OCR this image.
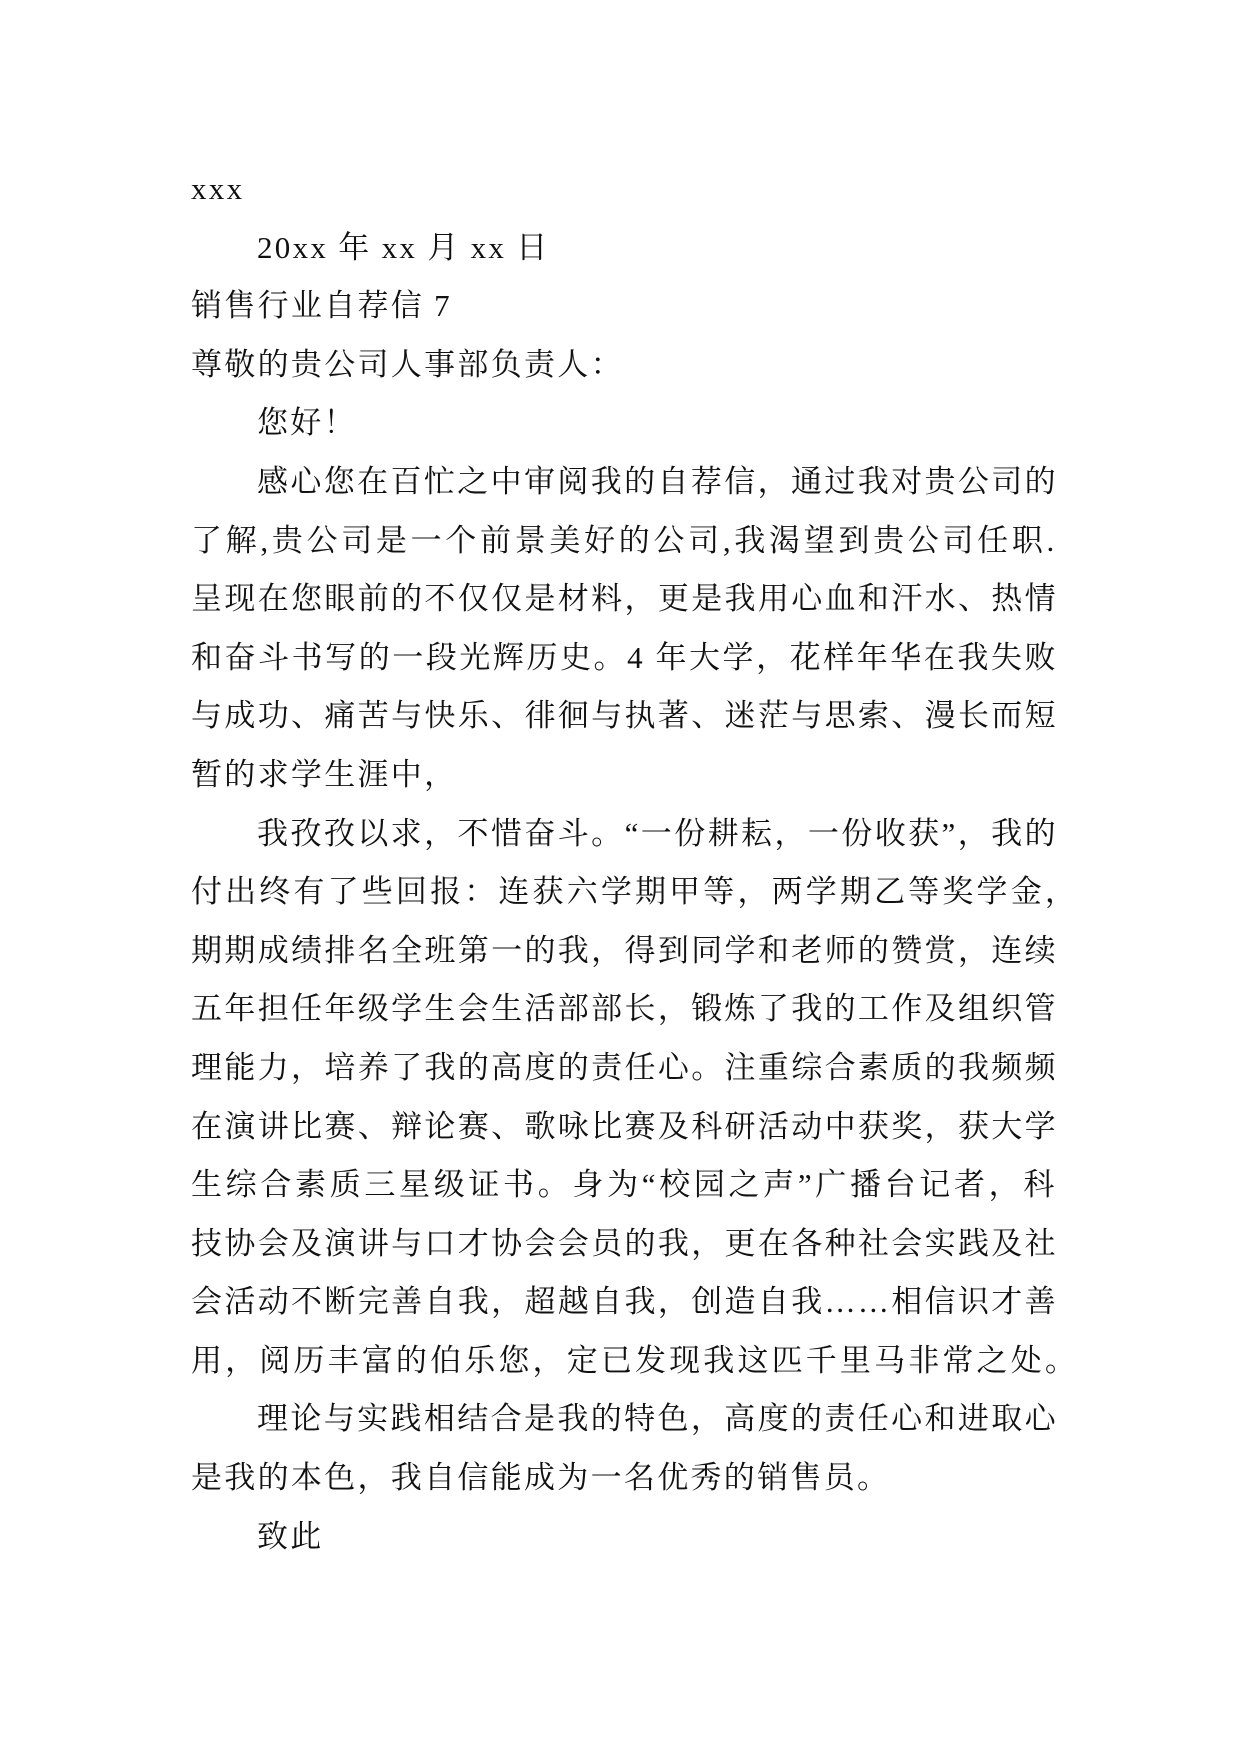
xxx
20xx 年 xx 月 xx 日
销售行业自荐信 7
尊敬的贵公司人事部负责人：
您好！
感心您在百忙之中审阅我的自荐信，通过我对贵公司的
了解,贵公司是一个前景美好的公司,我渴望到贵公司任职.
呈现在您眼前的不仅仅是材料，更是我用心血和汗水、热情
和奋斗书写的一段光辉历史。4 年大学，花样年华在我失败
与成功、痛苦与快乐、徘徊与执著、迷茫与思索、漫长而短
暂的求学生涯中，
我孜孜以求，不惜奋斗。“一份耕耘，一份收获”，我的
付出终有了些回报：连获六学期甲等，两学期乙等奖学金，
期期成绩排名全班第一的我，得到同学和老师的赞赏，连续
五年担任年级学生会生活部部长，锻炼了我的工作及组织管
理能力，培养了我的高度的责任心。注重综合素质的我频频
在演讲比赛、辩论赛、歌咏比赛及科研活动中获奖，获大学
生综合素质三星级证书。身为“校园之声”广播台记者，科
技协会及演讲与口才协会会员的我，更在各种社会实践及社
会活动不断完善自我，超越自我，创造自我……相信识才善
用，阅历丰富的伯乐您，定已发现我这匹千里马非常之处。
理论与实践相结合是我的特色，高度的责任心和进取心
是我的本色，我自信能成为一名优秀的销售员。
致此
